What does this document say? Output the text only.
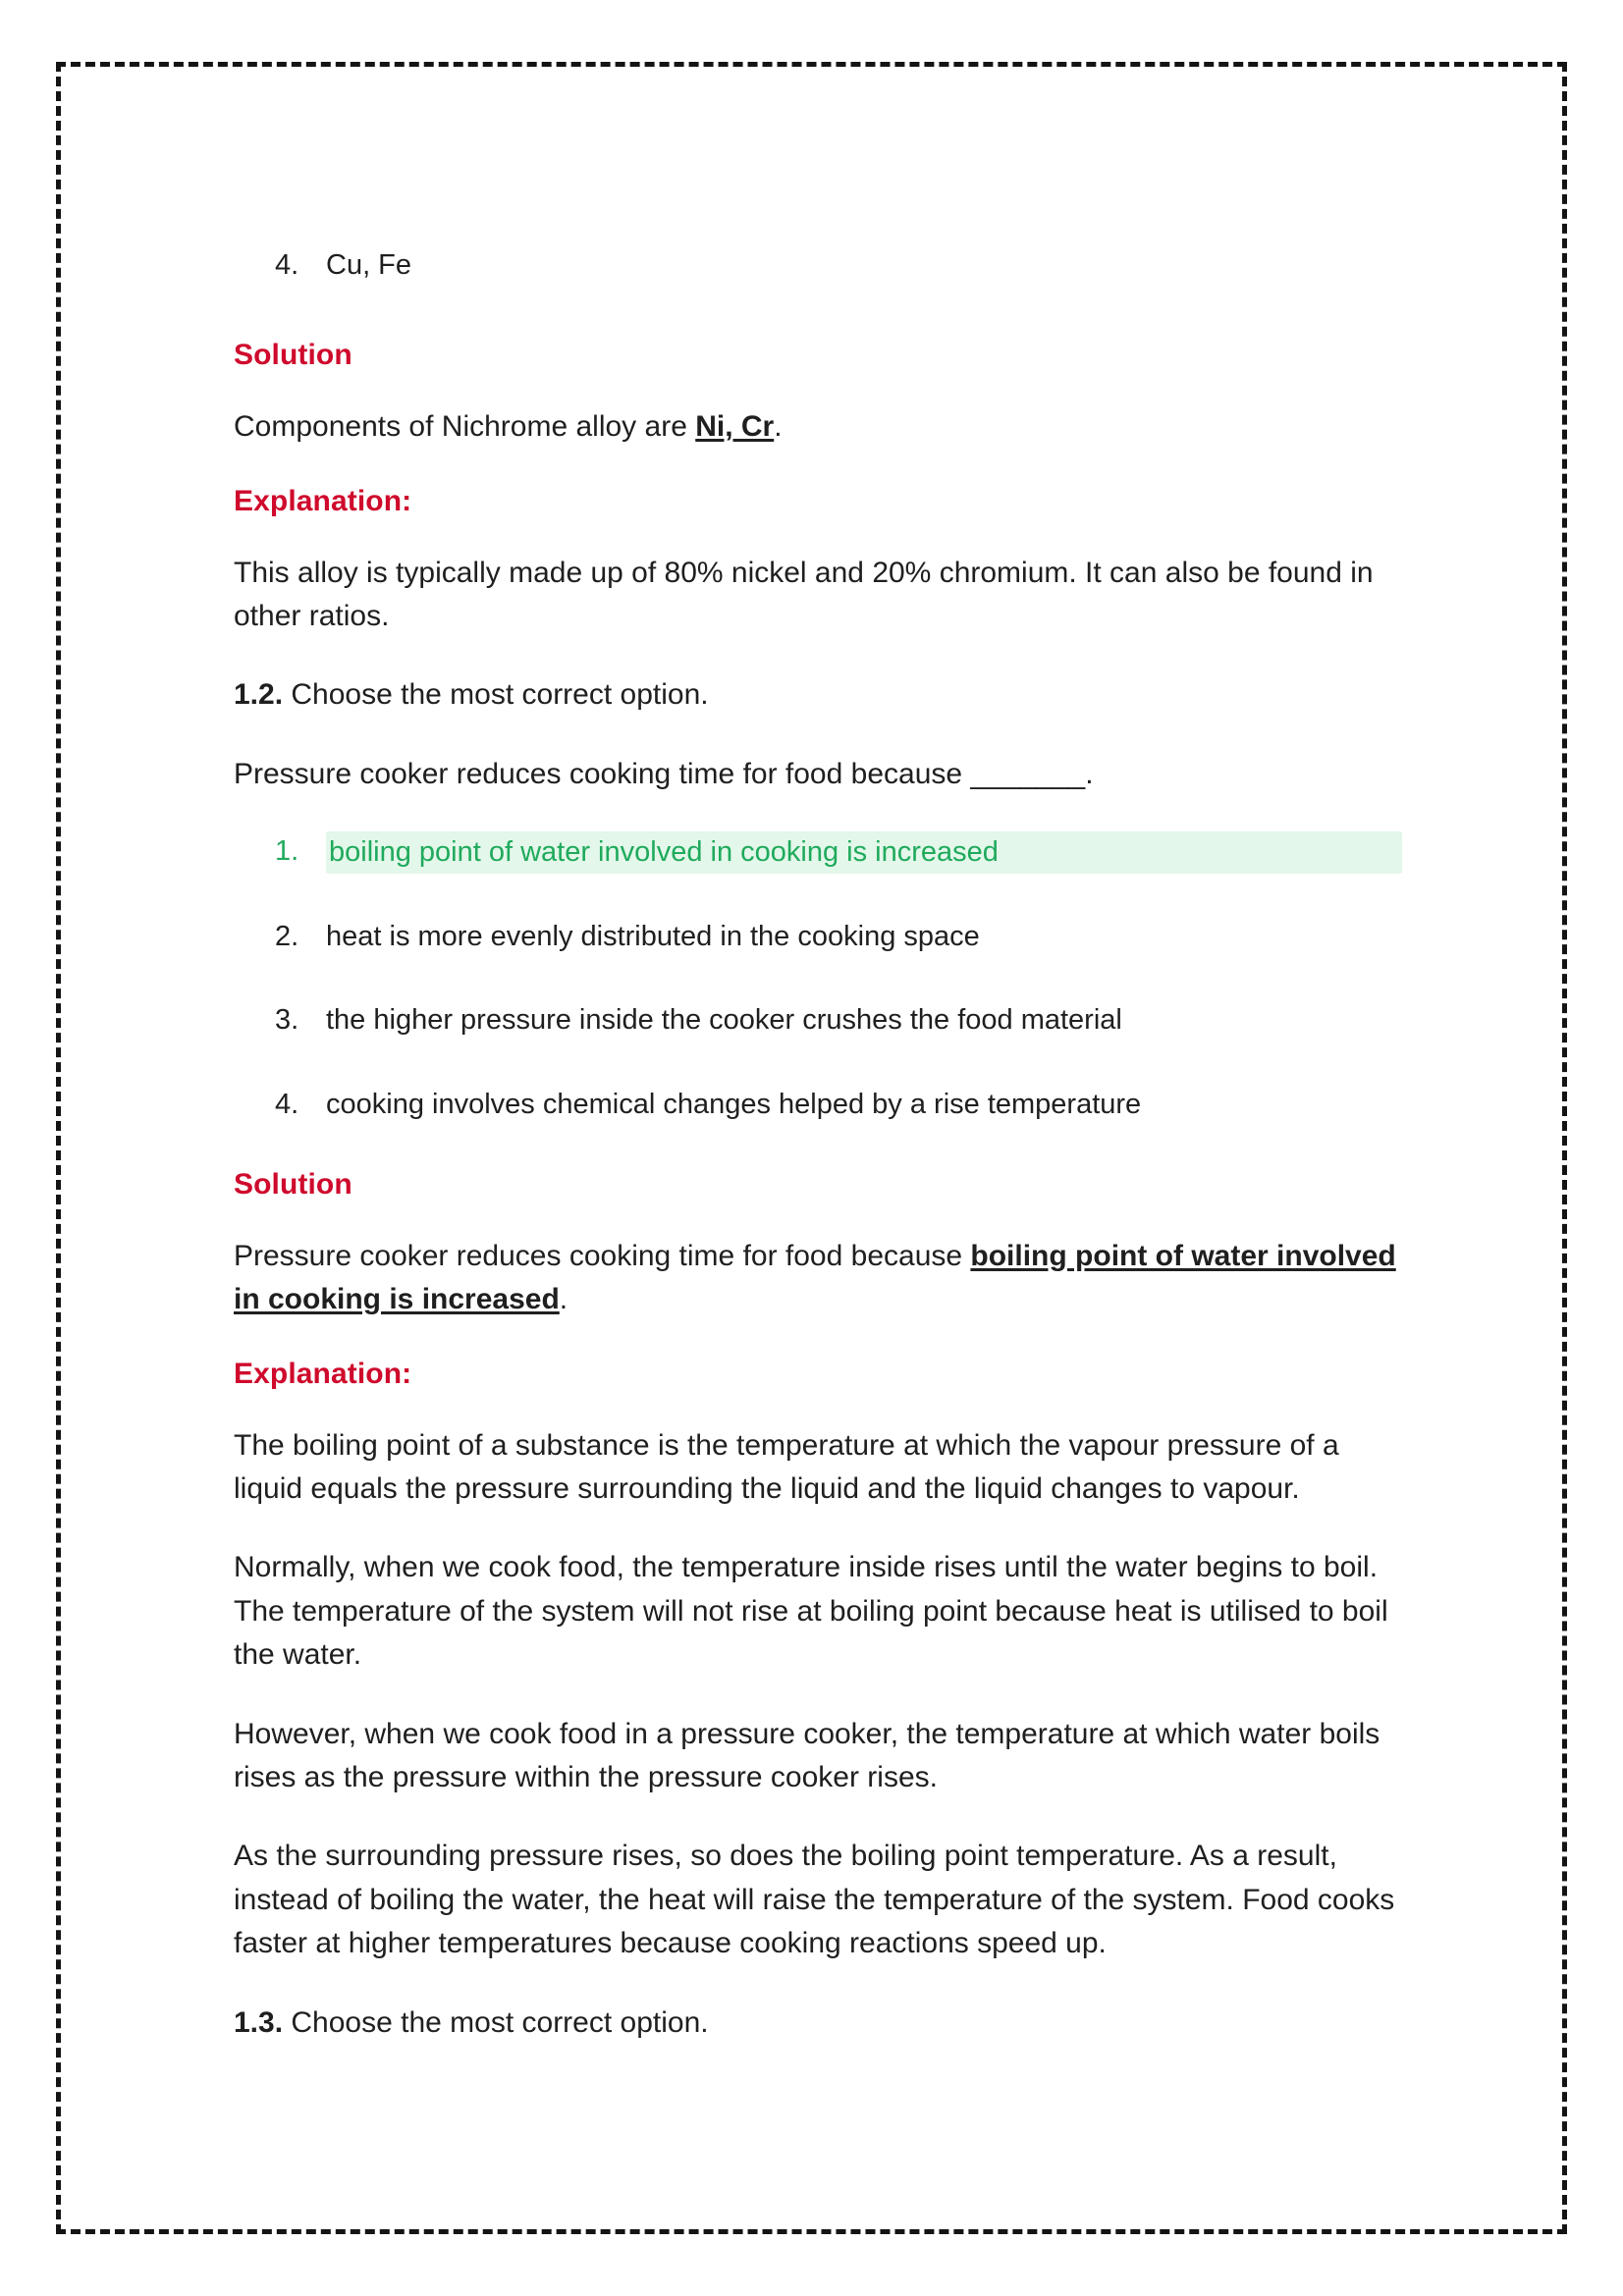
4. Cu, Fe
Solution

Components of Nichrome alloy are Ni, Cr.

Explanation:

This alloy is typically made up of 80% nickel and 20% chromium. It can also be found in other ratios.

1.2. Choose the most correct option.

Pressure cooker reduces cooking time for food because _______.

1.	boiling point of water involved in cooking is increased
2. heat is more evenly distributed in the cooking space
3. the higher pressure inside the cooker crushes the food material
4. cooking involves chemical changes helped by a rise temperature
Solution

Pressure cooker reduces cooking time for food because boiling point of water involved in cooking is increased.

Explanation:

The boiling point of a substance is the temperature at which the vapour pressure of a liquid equals the pressure surrounding the liquid and the liquid changes to vapour.

Normally, when we cook food, the temperature inside rises until the water begins to boil. The temperature of the system will not rise at boiling point because heat is utilised to boil the water.

However, when we cook food in a pressure cooker, the temperature at which water boils rises as the pressure within the pressure cooker rises.

As the surrounding pressure rises, so does the boiling point temperature. As a result, instead of boiling the water, the heat will raise the temperature of the system. Food cooks faster at higher temperatures because cooking reactions speed up.

1.3. Choose the most correct option.
